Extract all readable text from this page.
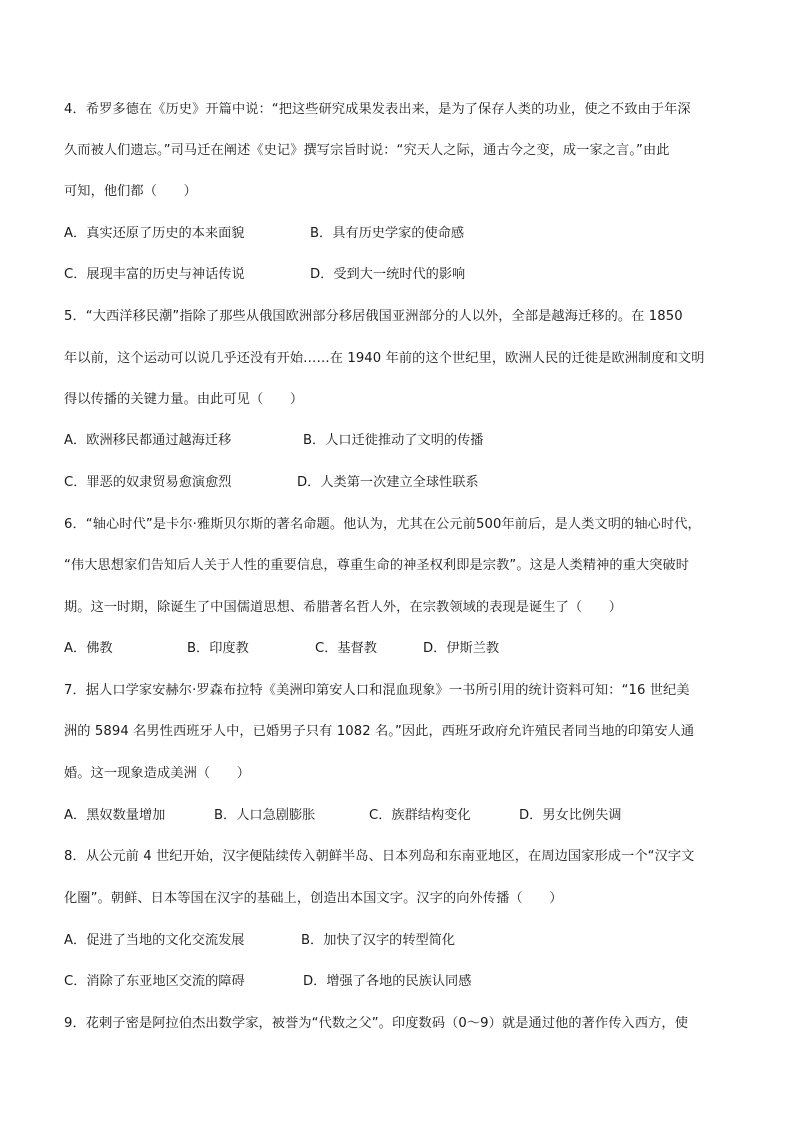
4．希罗多德在《历史》开篇中说：“把这些研究成果发表出来，是为了保存人类的功业，使之不致由于年深
久而被人们遗忘。”司马迁在阐述《史记》撰写宗旨时说：“究天人之际，通古今之变，成一家之言。”由此
可知，他们都（　　）
A．真实还原了历史的本来面貌	B．具有历史学家的使命感
C．展现丰富的历史与神话传说	D．受到大一统时代的影响
5．“大西洋移民潮”指除了那些从俄国欧洲部分移居俄国亚洲部分的人以外，全部是越海迁移的。在 1850
年以前，这个运动可以说几乎还没有开始……在 1940 年前的这个世纪里，欧洲人民的迁徙是欧洲制度和文明
得以传播的关键力量。由此可见（　　）
A．欧洲移民都通过越海迁移	B．人口迁徙推动了文明的传播
C．罪恶的奴隶贸易愈演愈烈	D．人类第一次建立全球性联系
6．“轴心时代”是卡尔·雅斯贝尔斯的著名命题。他认为，尤其在公元前500年前后，是人类文明的轴心时代，
“伟大思想家们告知后人关于人性的重要信息，尊重生命的神圣权利即是宗教”。这是人类精神的重大突破时
期。这一时期，除诞生了中国儒道思想、希腊著名哲人外，在宗教领域的表现是诞生了（　　）
A．佛教	B．印度教	C．基督教	D．伊斯兰教
7．据人口学家安赫尔·罗森布拉特《美洲印第安人口和混血现象》一书所引用的统计资料可知：“16 世纪美
洲的 5894 名男性西班牙人中，已婚男子只有 1082 名。”因此，西班牙政府允许殖民者同当地的印第安人通
婚。这一现象造成美洲（　　）
A．黑奴数量增加	B．人口急剧膨胀	C．族群结构变化	D．男女比例失调
8．从公元前 4 世纪开始，汉字便陆续传入朝鲜半岛、日本列岛和东南亚地区，在周边国家形成一个“汉字文
化圈”。朝鲜、日本等国在汉字的基础上，创造出本国文字。汉字的向外传播（　　）
A．促进了当地的文化交流发展	B．加快了汉字的转型简化
C．消除了东亚地区交流的障碍	D．增强了各地的民族认同感
9．花剌子密是阿拉伯杰出数学家，被誉为“代数之父”。印度数码（0～9）就是通过他的著作传入西方，使
